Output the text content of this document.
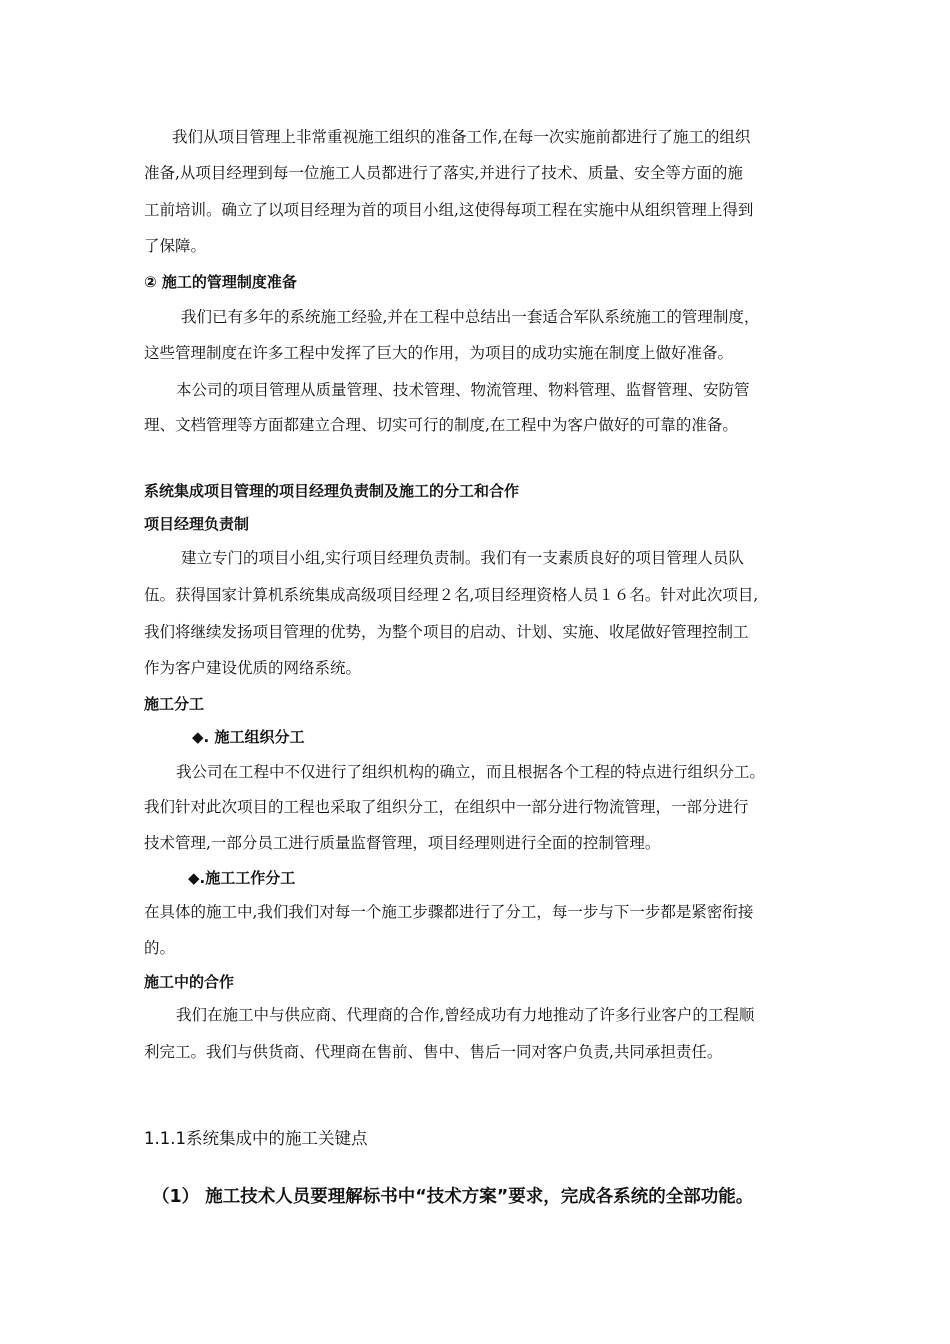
我们从项目管理上非常重视施工组织的准备工作,在每一次实施前都进行了施工的组织
准备,从项目经理到每一位施工人员都进行了落实,并进行了技术、质量、安全等方面的施
工前培训。确立了以项目经理为首的项目小组,这使得每项工程在实施中从组织管理上得到
了保障。
② 施工的管理制度准备
我们已有多年的系统施工经验,并在工程中总结出一套适合军队系统施工的管理制度，
这些管理制度在许多工程中发挥了巨大的作用，为项目的成功实施在制度上做好准备。
本公司的项目管理从质量管理、技术管理、物流管理、物料管理、监督管理、安防管
理、文档管理等方面都建立合理、切实可行的制度,在工程中为客户做好的可靠的准备。
系统集成项目管理的项目经理负责制及施工的分工和合作
项目经理负责制
建立专门的项目小组,实行项目经理负责制。我们有一支素质良好的项目管理人员队
伍。获得国家计算机系统集成高级项目经理２名,项目经理资格人员１６名。针对此次项目,
我们将继续发扬项目管理的优势，为整个项目的启动、计划、实施、收尾做好管理控制工
作为客户建设优质的网络系统。
施工分工
◆. 施工组织分工
我公司在工程中不仅进行了组织机构的确立，而且根据各个工程的特点进行组织分工。
我们针对此次项目的工程也采取了组织分工，在组织中一部分进行物流管理，一部分进行
技术管理,一部分员工进行质量监督管理，项目经理则进行全面的控制管理。
◆.施工工作分工
在具体的施工中,我们我们对每一个施工步骤都进行了分工，每一步与下一步都是紧密衔接
的。
施工中的合作
我们在施工中与供应商、代理商的合作,曾经成功有力地推动了许多行业客户的工程顺
利完工。我们与供货商、代理商在售前、售中、售后一同对客户负责,共同承担责任。
1.1.1系统集成中的施工关键点
（1） 施工技术人员要理解标书中“技术方案”要求，完成各系统的全部功能。
